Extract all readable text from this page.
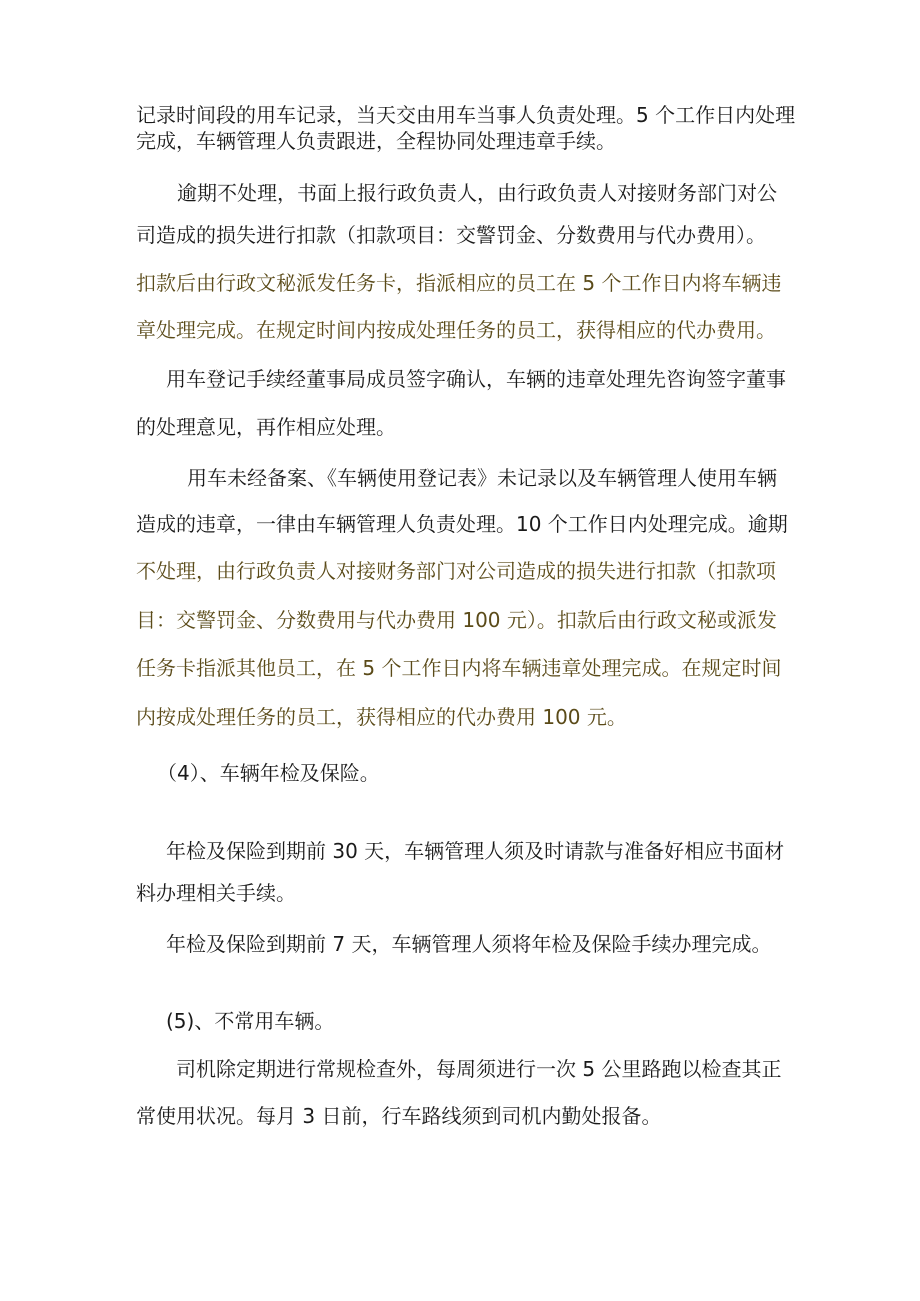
记录时间段的用车记录，当天交由用车当事人负责处理。5 个工作日内处理
完成，车辆管理人负责跟进，全程协同处理违章手续。
逾期不处理，书面上报行政负责人，由行政负责人对接财务部门对公
司造成的损失进行扣款（扣款项目：交警罚金、分数费用与代办费用）。
扣款后由行政文秘派发任务卡，指派相应的员工在 5 个工作日内将车辆违
章处理完成。在规定时间内按成处理任务的员工，获得相应的代办费用。
用车登记手续经董事局成员签字确认，车辆的违章处理先咨询签字董事
的处理意见，再作相应处理。
用车未经备案、《车辆使用登记表》未记录以及车辆管理人使用车辆
造成的违章，一律由车辆管理人负责处理。10 个工作日内处理完成。逾期
不处理，由行政负责人对接财务部门对公司造成的损失进行扣款（扣款项
目：交警罚金、分数费用与代办费用 100 元）。扣款后由行政文秘或派发
任务卡指派其他员工，在 5 个工作日内将车辆违章处理完成。在规定时间
内按成处理任务的员工，获得相应的代办费用 100 元。
（4）、车辆年检及保险。
年检及保险到期前 30 天，车辆管理人须及时请款与准备好相应书面材
料办理相关手续。
年检及保险到期前 7 天，车辆管理人须将年检及保险手续办理完成。
(5)、不常用车辆。
司机除定期进行常规检查外，每周须进行一次 5 公里路跑以检查其正
常使用状况。每月 3 日前，行车路线须到司机内勤处报备。
